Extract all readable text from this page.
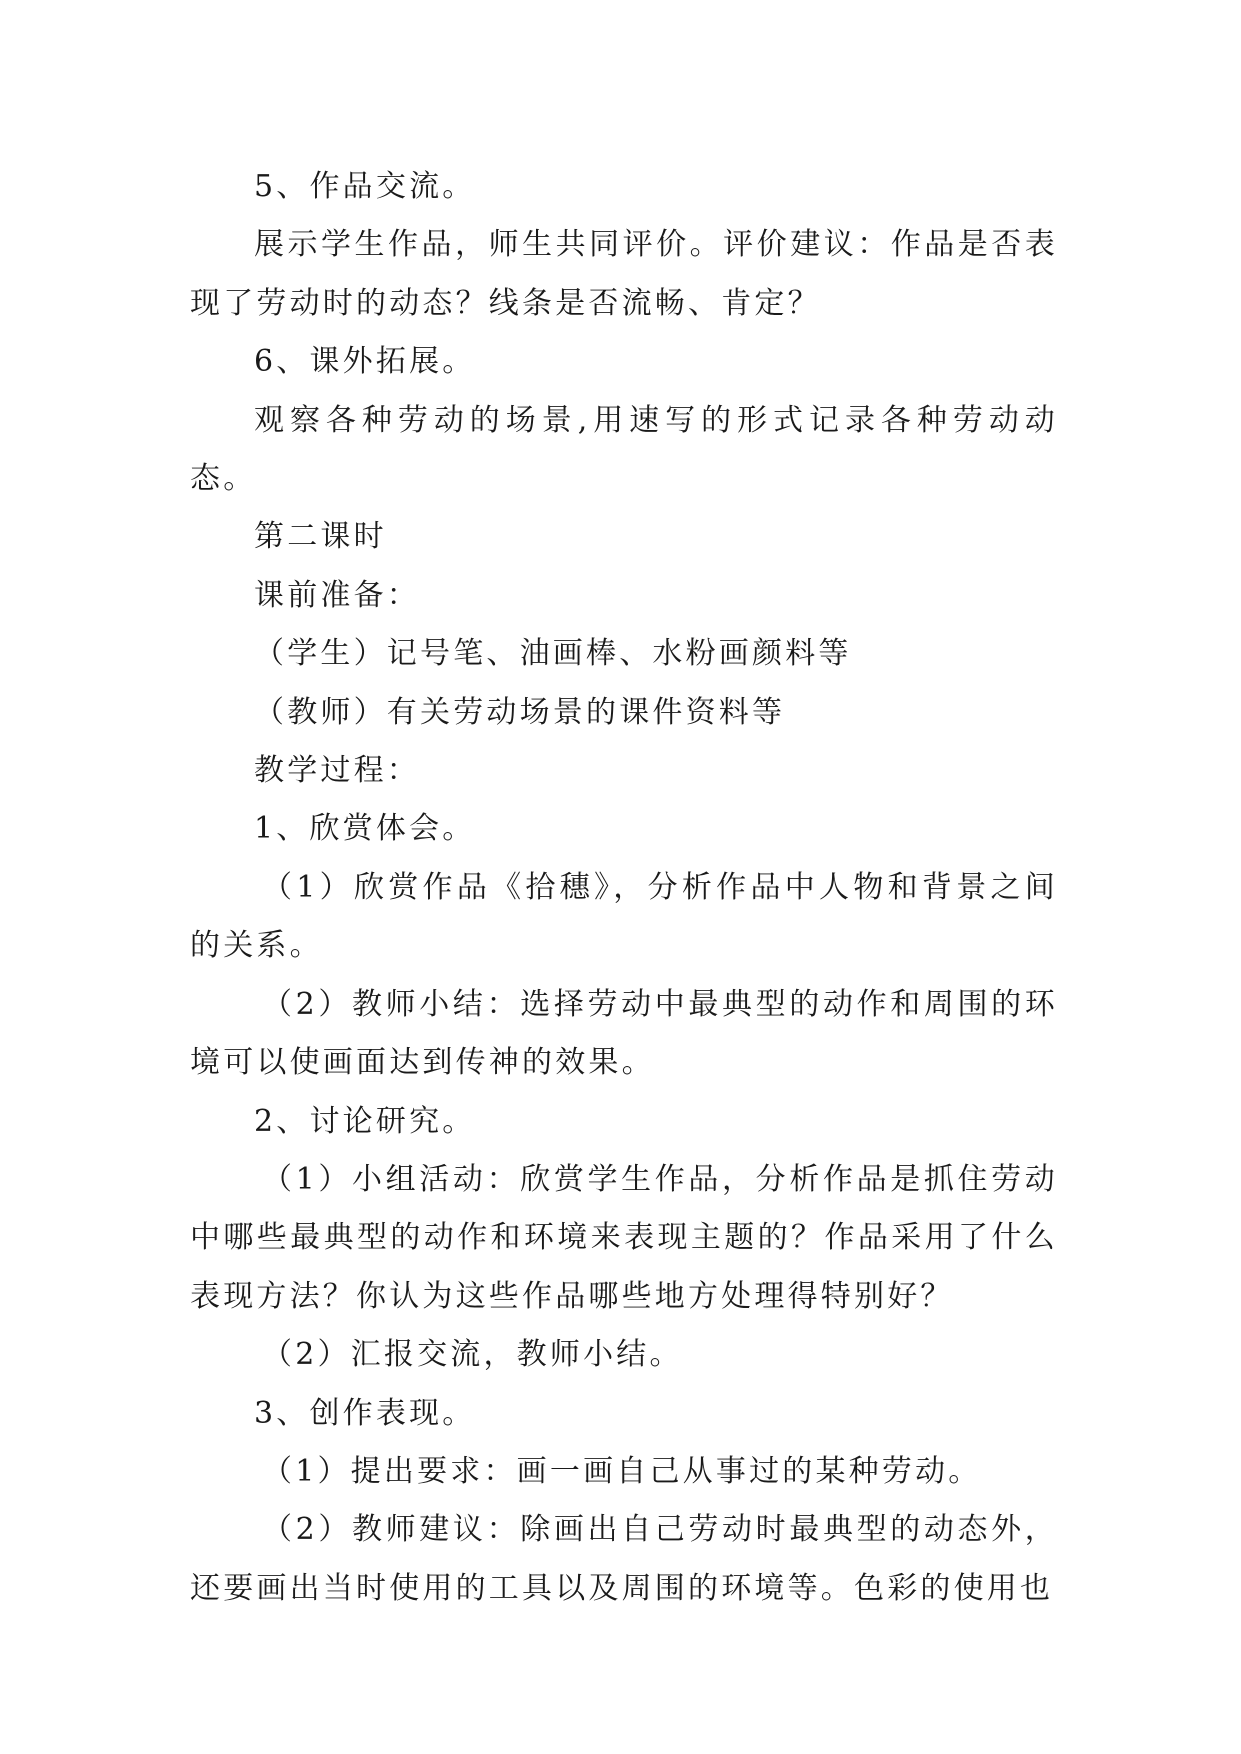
5、作品交流。

展示学生作品，师生共同评价。评价建议：作品是否表现了劳动时的动态？线条是否流畅、肯定？

6、课外拓展。

观察各种劳动的场景,用速写的形式记录各种劳动动态。

第二课时

课前准备：

（学生）记号笔、油画棒、水粉画颜料等

（教师）有关劳动场景的课件资料等

教学过程：

1、欣赏体会。

（1）欣赏作品《拾穗》，分析作品中人物和背景之间的关系。

（2）教师小结：选择劳动中最典型的动作和周围的环境可以使画面达到传神的效果。

2、讨论研究。

（1）小组活动：欣赏学生作品，分析作品是抓住劳动中哪些最典型的动作和环境来表现主题的？作品采用了什么表现方法？你认为这些作品哪些地方处理得特别好？

（2）汇报交流，教师小结。

3、创作表现。

（1）提出要求：画一画自己从事过的某种劳动。

（2）教师建议：除画出自己劳动时最典型的动态外，还要画出当时使用的工具以及周围的环境等。色彩的使用也
